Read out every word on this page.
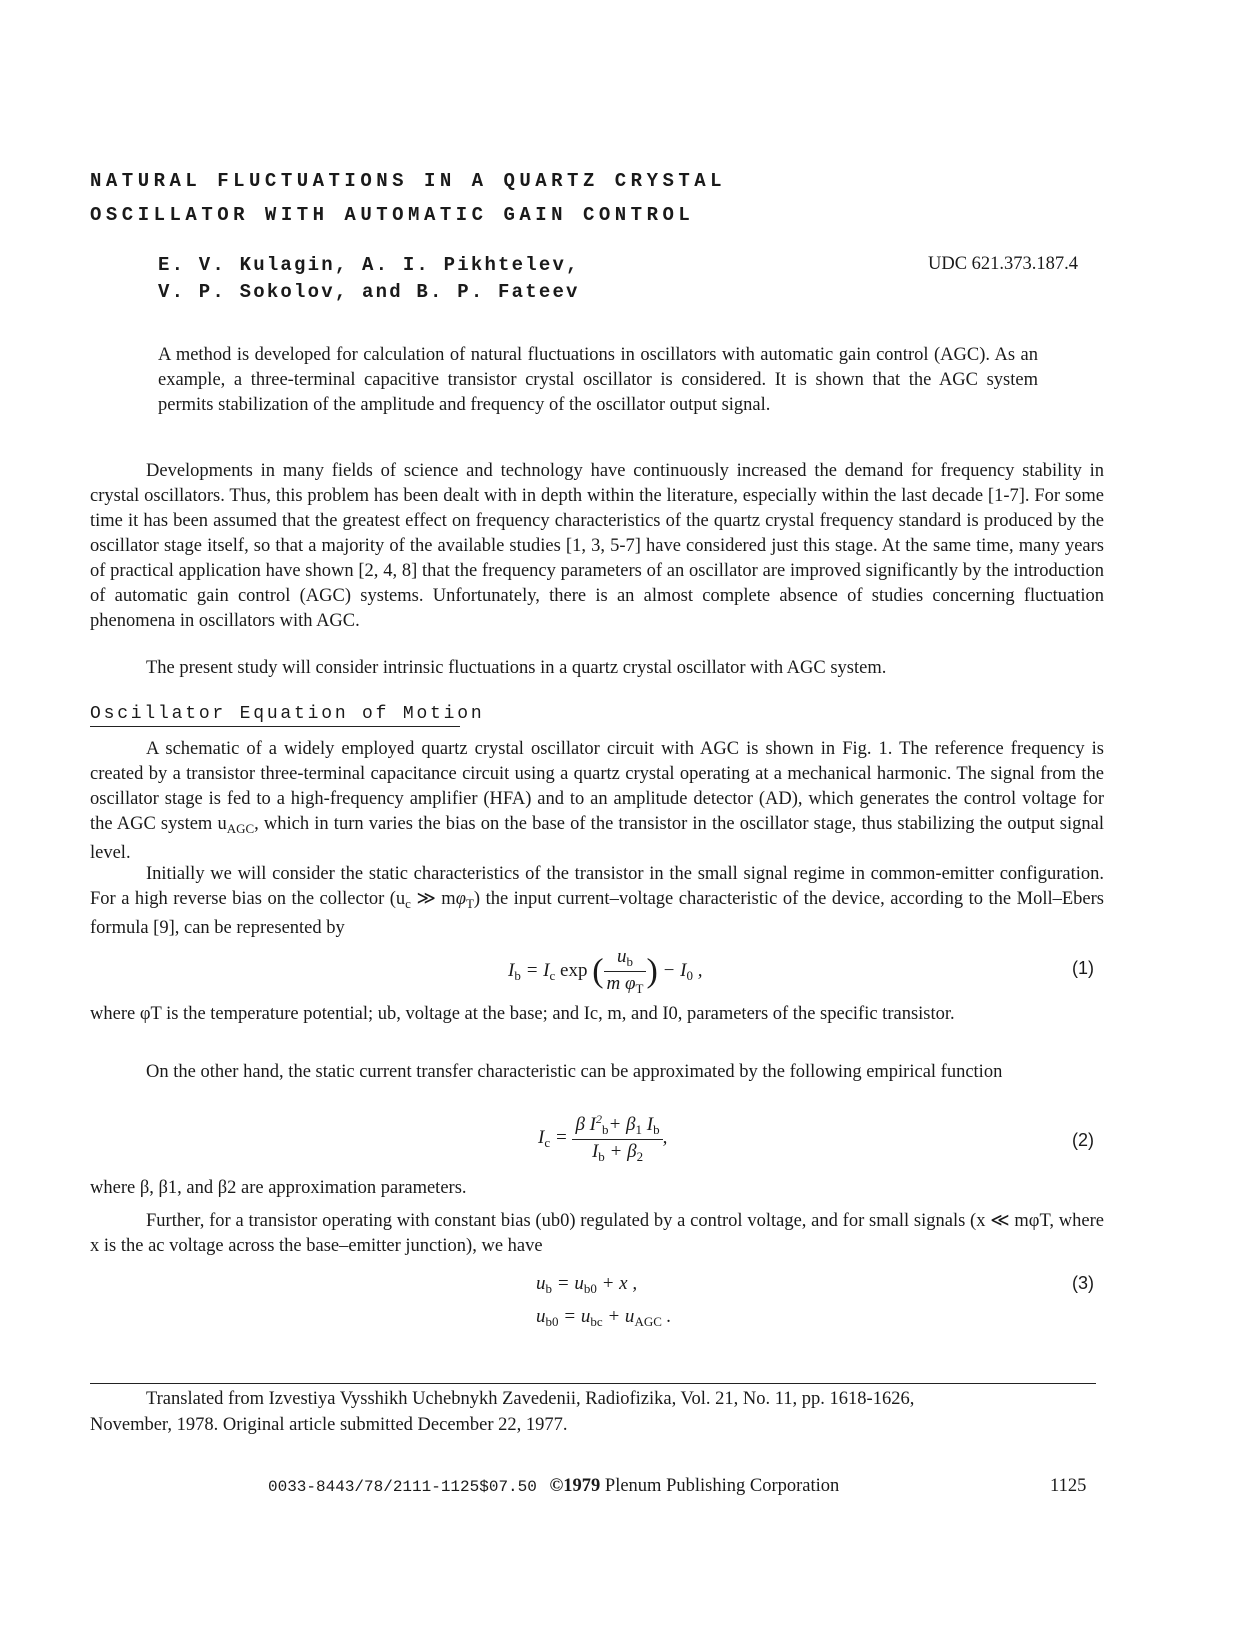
NATURAL FLUCTUATIONS IN A QUARTZ CRYSTAL
OSCILLATOR WITH AUTOMATIC GAIN CONTROL
E. V. Kulagin, A. I. Pikhtelev,
V. P. Sokolov, and B. P. Fateev
UDC 621.373.187.4
A method is developed for calculation of natural fluctuations in oscillators with automatic gain control (AGC). As an example, a three-terminal capacitive transistor crystal oscillator is considered. It is shown that the AGC system permits stabilization of the amplitude and frequency of the oscillator output signal.
Developments in many fields of science and technology have continuously increased the demand for frequency stability in crystal oscillators. Thus, this problem has been dealt with in depth within the literature, especially within the last decade [1-7]. For some time it has been assumed that the greatest effect on frequency characteristics of the quartz crystal frequency standard is produced by the oscillator stage itself, so that a majority of the available studies [1, 3, 5-7] have considered just this stage. At the same time, many years of practical application have shown [2, 4, 8] that the frequency parameters of an oscillator are improved significantly by the introduction of automatic gain control (AGC) systems. Unfortunately, there is an almost complete absence of studies concerning fluctuation phenomena in oscillators with AGC.
The present study will consider intrinsic fluctuations in a quartz crystal oscillator with AGC system.
Oscillator Equation of Motion
A schematic of a widely employed quartz crystal oscillator circuit with AGC is shown in Fig. 1. The reference frequency is created by a transistor three-terminal capacitance circuit using a quartz crystal operating at a mechanical harmonic. The signal from the oscillator stage is fed to a high-frequency amplifier (HFA) and to an amplitude detector (AD), which generates the control voltage for the AGC system $u_{AGC}$, which in turn varies the bias on the base of the transistor in the oscillator stage, thus stabilizing the output signal level.
Initially we will consider the static characteristics of the transistor in the small signal regime in common-emitter configuration. For a high reverse bias on the collector ($u_c$ ≫ $m\varphi_T$) the input current–voltage characteristic of the device, according to the Moll–Ebers formula [9], can be represented by
$I_b = I_c$ exp ( $\frac{u_b}{m \varphi_T}$ ) − $I_0$ ,	(1)
where φT is the temperature potential; ub, voltage at the base; and Ic, m, and I0, parameters of the specific transistor.
On the other hand, the static current transfer characteristic can be approximated by the following empirical function
$I_c = \frac{\beta I^2_b+ \beta_1 I_b}{I_b + \beta_2}$ ,	(2)
where β, β1, and β2 are approximation parameters.
Further, for a transistor operating with constant bias (ub0) regulated by a control voltage, and for small signals (x ≪ mφT, where x is the ac voltage across the base–emitter junction), we have
$u_b = u_{b0} + x$ ,
$u_{b0} = u_{bc} + u_{AGC}$ .
(3)
Translated from Izvestiya Vysshikh Uchebnykh Zavedenii, Radiofizika, Vol. 21, No. 11, pp. 1618-1626,
November, 1978. Original article submitted December 22, 1977.
0033-8443/78/2111-1125$07.50 ©1979 Plenum Publishing Corporation	1125
